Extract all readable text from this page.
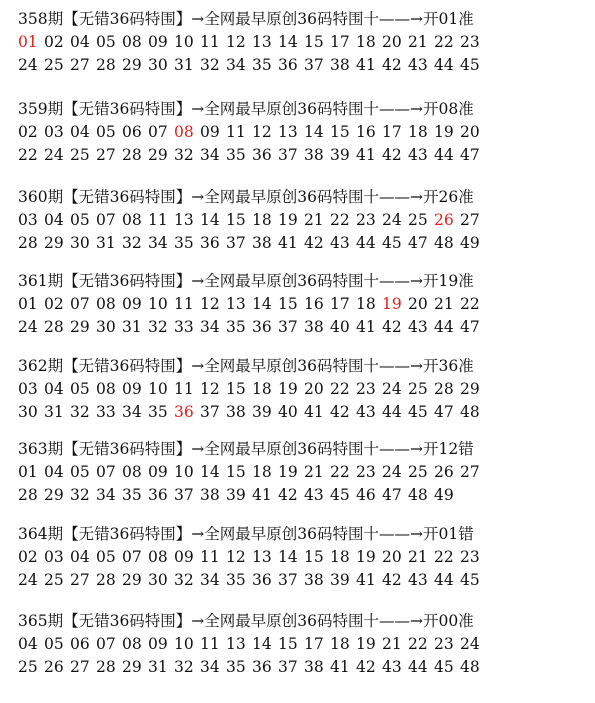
358期【无错36码特围】→全网最早原创36码特围十——→开01准
01 02 04 05 08 09 10 11 12 13 14 15 17 18 20 21 22 23
24 25 27 28 29 30 31 32 34 35 36 37 38 41 42 43 44 45
359期【无错36码特围】→全网最早原创36码特围十——→开08准
02 03 04 05 06 07 08 09 11 12 13 14 15 16 17 18 19 20
22 24 25 27 28 29 32 34 35 36 37 38 39 41 42 43 44 47
360期【无错36码特围】→全网最早原创36码特围十——→开26准
03 04 05 07 08 11 13 14 15 18 19 21 22 23 24 25 26 27
28 29 30 31 32 34 35 36 37 38 41 42 43 44 45 47 48 49
361期【无错36码特围】→全网最早原创36码特围十——→开19准
01 02 07 08 09 10 11 12 13 14 15 16 17 18 19 20 21 22
24 28 29 30 31 32 33 34 35 36 37 38 40 41 42 43 44 47
362期【无错36码特围】→全网最早原创36码特围十——→开36准
03 04 05 08 09 10 11 12 15 18 19 20 22 23 24 25 28 29
30 31 32 33 34 35 36 37 38 39 40 41 42 43 44 45 47 48
363期【无错36码特围】→全网最早原创36码特围十——→开12错
01 04 05 07 08 09 10 14 15 18 19 21 22 23 24 25 26 27
28 29 32 34 35 36 37 38 39 41 42 43 45 46 47 48 49
364期【无错36码特围】→全网最早原创36码特围十——→开01错
02 03 04 05 07 08 09 11 12 13 14 15 18 19 20 21 22 23
24 25 27 28 29 30 32 34 35 36 37 38 39 41 42 43 44 45
365期【无错36码特围】→全网最早原创36码特围十——→开00准
04 05 06 07 08 09 10 11 13 14 15 17 18 19 21 22 23 24
25 26 27 28 29 31 32 34 35 36 37 38 41 42 43 44 45 48
